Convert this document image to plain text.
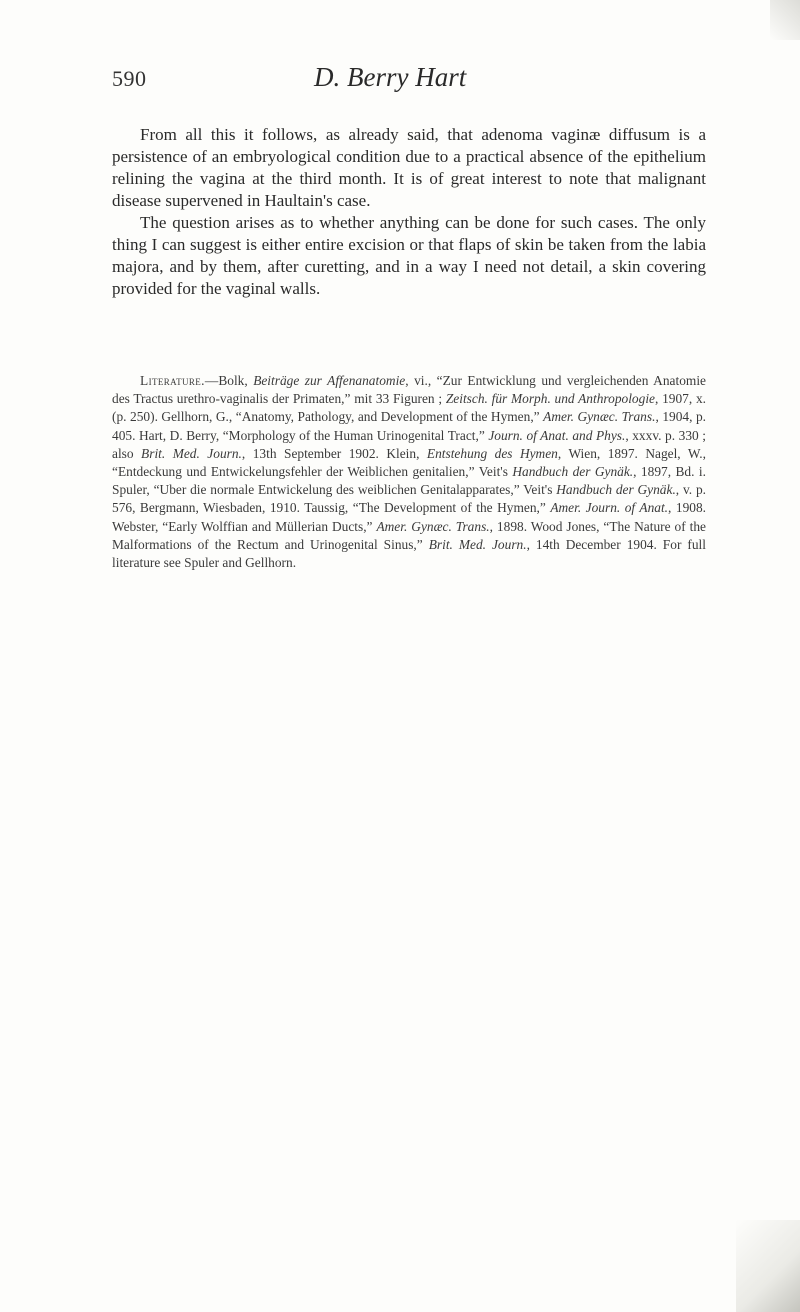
590	D. Berry Hart

From all this it follows, as already said, that adenoma vaginæ diffusum is a persistence of an embryological condition due to a practical absence of the epithelium relining the vagina at the third month. It is of great interest to note that malignant disease supervened in Haultain's case.

The question arises as to whether anything can be done for such cases. The only thing I can suggest is either entire excision or that flaps of skin be taken from the labia majora, and by them, after curetting, and in a way I need not detail, a skin covering provided for the vaginal walls.

Literature.—Bolk, Beiträge zur Affenanatomie, vi., “Zur Entwicklung und vergleichenden Anatomie des Tractus urethro-vaginalis der Primaten,” mit 33 Figuren ; Zeitsch. für Morph. und Anthropologie, 1907, x. (p. 250). Gellhorn, G., “Anatomy, Pathology, and Development of the Hymen,” Amer. Gynæc. Trans., 1904, p. 405. Hart, D. Berry, “Morphology of the Human Urinogenital Tract,” Journ. of Anat. and Phys., xxxv. p. 330 ; also Brit. Med. Journ., 13th September 1902. Klein, Entstehung des Hymen, Wien, 1897. Nagel, W., “Entdeckung und Entwickelungsfehler der Weiblichen genitalien,” Veit's Handbuch der Gynäk., 1897, Bd. i. Spuler, “Uber die normale Entwickelung des weiblichen Genitalapparates,” Veit's Handbuch der Gynäk., v. p. 576, Bergmann, Wiesbaden, 1910. Taussig, “The Development of the Hymen,” Amer. Journ. of Anat., 1908. Webster, “Early Wolffian and Müllerian Ducts,” Amer. Gynæc. Trans., 1898. Wood Jones, “The Nature of the Malformations of the Rectum and Urinogenital Sinus,” Brit. Med. Journ., 14th December 1904. For full literature see Spuler and Gellhorn.
